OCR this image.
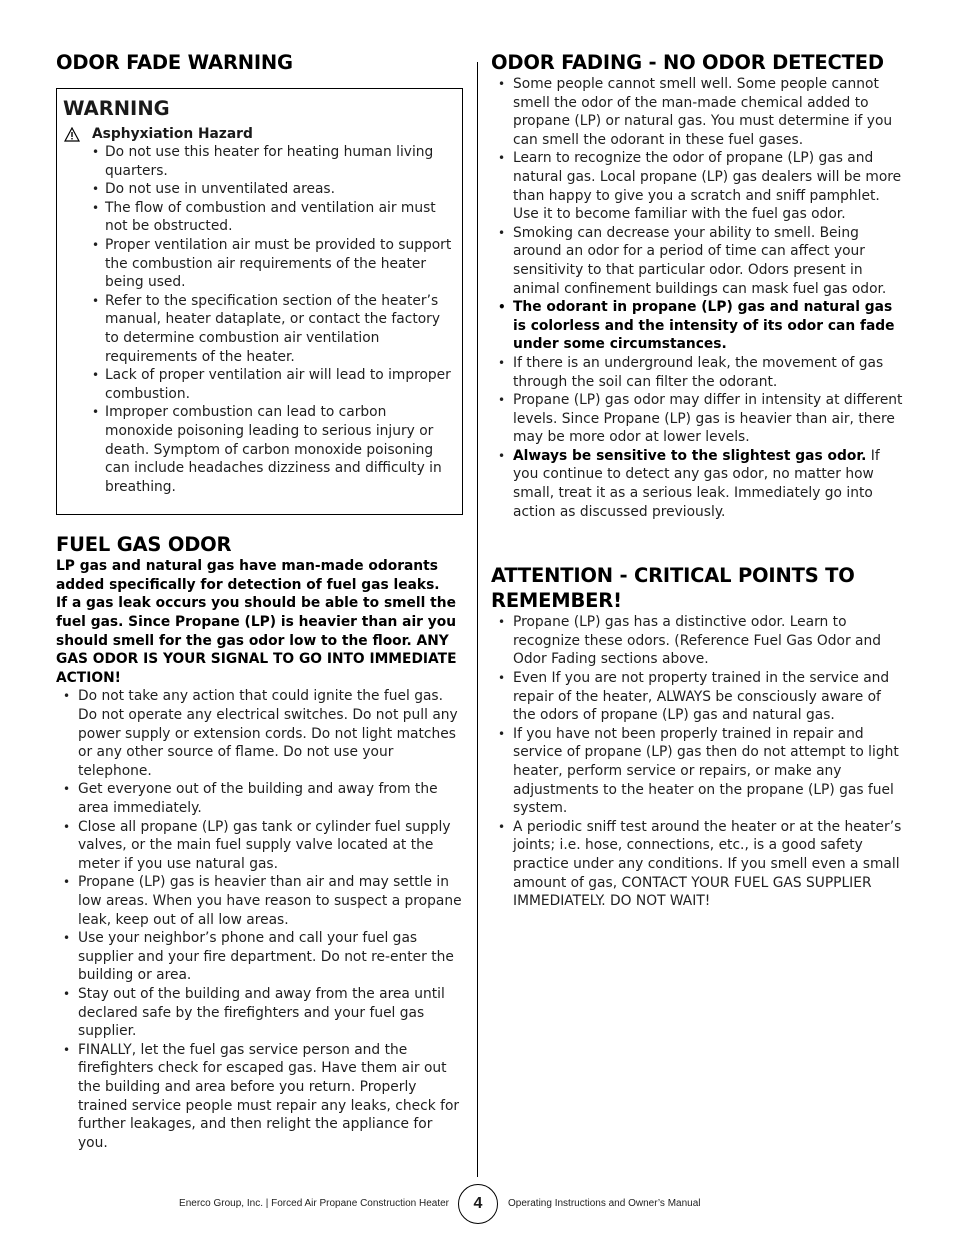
ODOR FADE WARNING
WARNING
Asphyxiation Hazard
• Do not use this heater for heating human living quarters.
• Do not use in unventilated areas.
• The flow of combustion and ventilation air must not be obstructed.
• Proper ventilation air must be provided to support the combustion air requirements of the heater being used.
• Refer to the specification section of the heater’s manual, heater dataplate, or contact the factory to determine combustion air ventilation requirements of the heater.
• Lack of proper ventilation air will lead to improper combustion.
• Improper combustion can lead to carbon monoxide poisoning leading to serious injury or death. Symptom of carbon monoxide poisoning can include headaches dizziness and difficulty in breathing.
FUEL GAS ODOR

LP gas and natural gas have man-made odorants added specifically for detection of fuel gas leaks.

If a gas leak occurs you should be able to smell the fuel gas. Since Propane (LP) is heavier than air you should smell for the gas odor low to the floor. ANY GAS ODOR IS YOUR SIGNAL TO GO INTO IMMEDIATE ACTION!

• Do not take any action that could ignite the fuel gas. Do not operate any electrical switches. Do not pull any power supply or extension cords. Do not light matches or any other source of flame. Do not use your telephone.
• Get everyone out of the building and away from the area immediately.
• Close all propane (LP) gas tank or cylinder fuel supply valves, or the main fuel supply valve located at the meter if you use natural gas.
• Propane (LP) gas is heavier than air and may settle in low areas. When you have reason to suspect a propane leak, keep out of all low areas.
• Use your neighbor’s phone and call your fuel gas supplier and your fire department. Do not re-enter the building or area.
• Stay out of the building and away from the area until declared safe by the firefighters and your fuel gas supplier.
• FINALLY, let the fuel gas service person and the firefighters check for escaped gas. Have them air out the building and area before you return. Properly trained service people must repair any leaks, check for further leakages, and then relight the appliance for you.
ODOR FADING - NO ODOR DETECTED
• Some people cannot smell well. Some people cannot smell the odor of the man-made chemical added to propane (LP) or natural gas. You must determine if you can smell the odorant in these fuel gases.
• Learn to recognize the odor of propane (LP) gas and natural gas. Local propane (LP) gas dealers will be more than happy to give you a scratch and sniff pamphlet. Use it to become familiar with the fuel gas odor.
• Smoking can decrease your ability to smell. Being around an odor for a period of time can affect your sensitivity to that particular odor. Odors present in animal confinement buildings can mask fuel gas odor.
• The odorant in propane (LP) gas and natural gas is colorless and the intensity of its odor can fade under some circumstances.
• If there is an underground leak, the movement of gas through the soil can filter the odorant.
• Propane (LP) gas odor may differ in intensity at different levels. Since Propane (LP) gas is heavier than air, there may be more odor at lower levels.
• Always be sensitive to the slightest gas odor. If you continue to detect any gas odor, no matter how small, treat it as a serious leak. Immediately go into action as discussed previously.
ATTENTION - CRITICAL POINTS TO REMEMBER!
• Propane (LP) gas has a distinctive odor. Learn to recognize these odors. (Reference Fuel Gas Odor and Odor Fading sections above.
• Even If you are not property trained in the service and repair of the heater, ALWAYS be consciously aware of the odors of propane (LP) gas and natural gas.
• If you have not been properly trained in repair and service of propane (LP) gas then do not attempt to light heater, perform service or repairs, or make any adjustments to the heater on the propane (LP) gas fuel system.
• A periodic sniff test around the heater or at the heater’s joints; i.e. hose, connections, etc., is a good safety practice under any conditions. If you smell even a small amount of gas, CONTACT YOUR FUEL GAS SUPPLIER IMMEDIATELY. DO NOT WAIT!
Enerco Group, Inc. | Forced Air Propane Construction Heater	4	Operating Instructions and Owner’s Manual
